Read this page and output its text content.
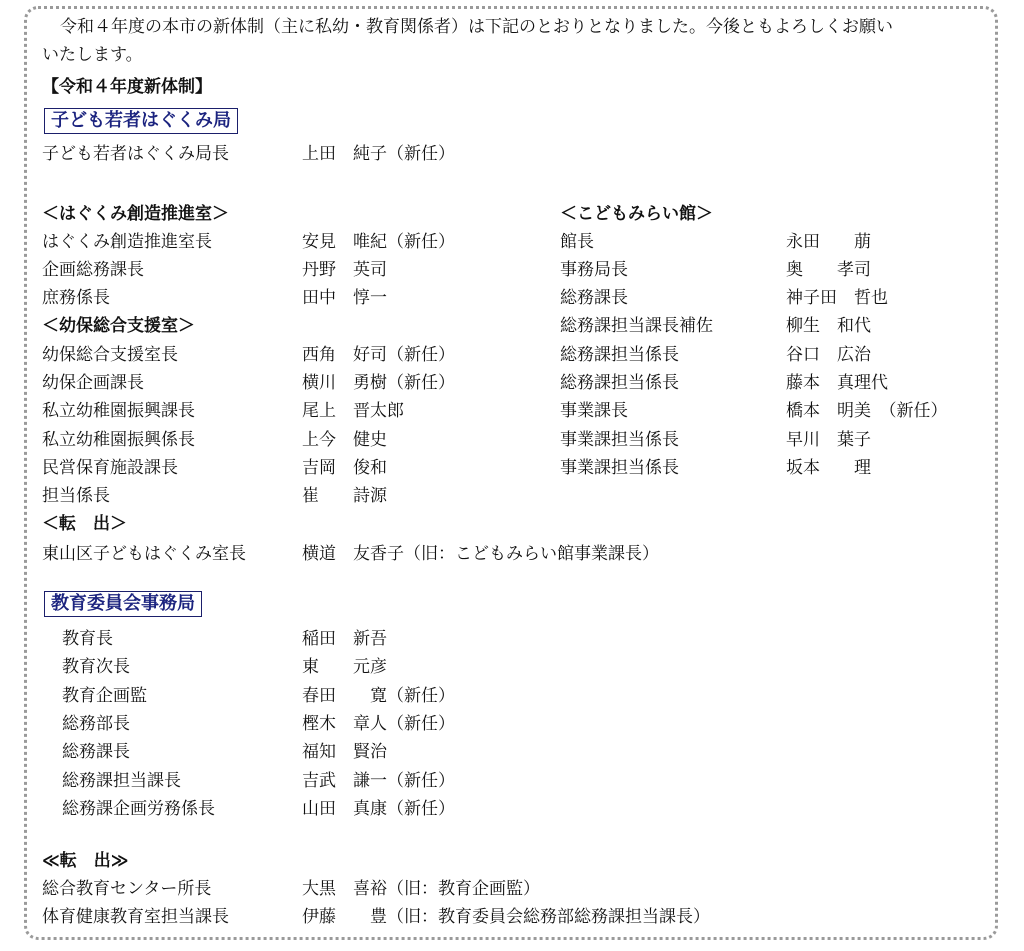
令和４年度の本市の新体制（主に私幼・教育関係者）は下記のとおりとなりました。今後ともよろしくお願い
いたします。
【令和４年度新体制】
子ども若者はぐくみ局
子ども若者はぐくみ局長	上田　純子（新任）
＜はぐくみ創造推進室＞
はぐくみ創造推進室長	安見　唯紀（新任）
企画総務課長	丹野　英司
庶務係長	田中　惇一
＜幼保総合支援室＞
幼保総合支援室長	西角　好司（新任）
幼保企画課長	横川　勇樹（新任）
私立幼稚園振興課長	尾上　晋太郎
私立幼稚園振興係長	上今　健史
民営保育施設課長	吉岡　俊和
担当係長	崔　　詩源
＜転　出＞
東山区子どもはぐくみ室長	横道　友香子（旧：こどもみらい館事業課長）
＜こどもみらい館＞
館長	永田　　萠
事務局長	奥　　孝司
総務課長	神子田　哲也
総務課担当課長補佐	柳生　和代
総務課担当係長	谷口　広治
総務課担当係長	藤本　真理代
事業課長	橋本　明美　（新任）
事業課担当係長	早川　葉子
事業課担当係長	坂本　　理
教育委員会事務局
教育長	稲田　新吾
教育次長	東　　元彦
教育企画監	春田　　寛（新任）
総務部長	樫木　章人（新任）
総務課長	福知　賢治
総務課担当課長	吉武　謙一（新任）
総務課企画労務係長	山田　真康（新任）
≪転　出≫
総合教育センター所長	大黒　喜裕（旧：教育企画監）
体育健康教育室担当課長	伊藤　　豊（旧：教育委員会総務部総務課担当課長）
